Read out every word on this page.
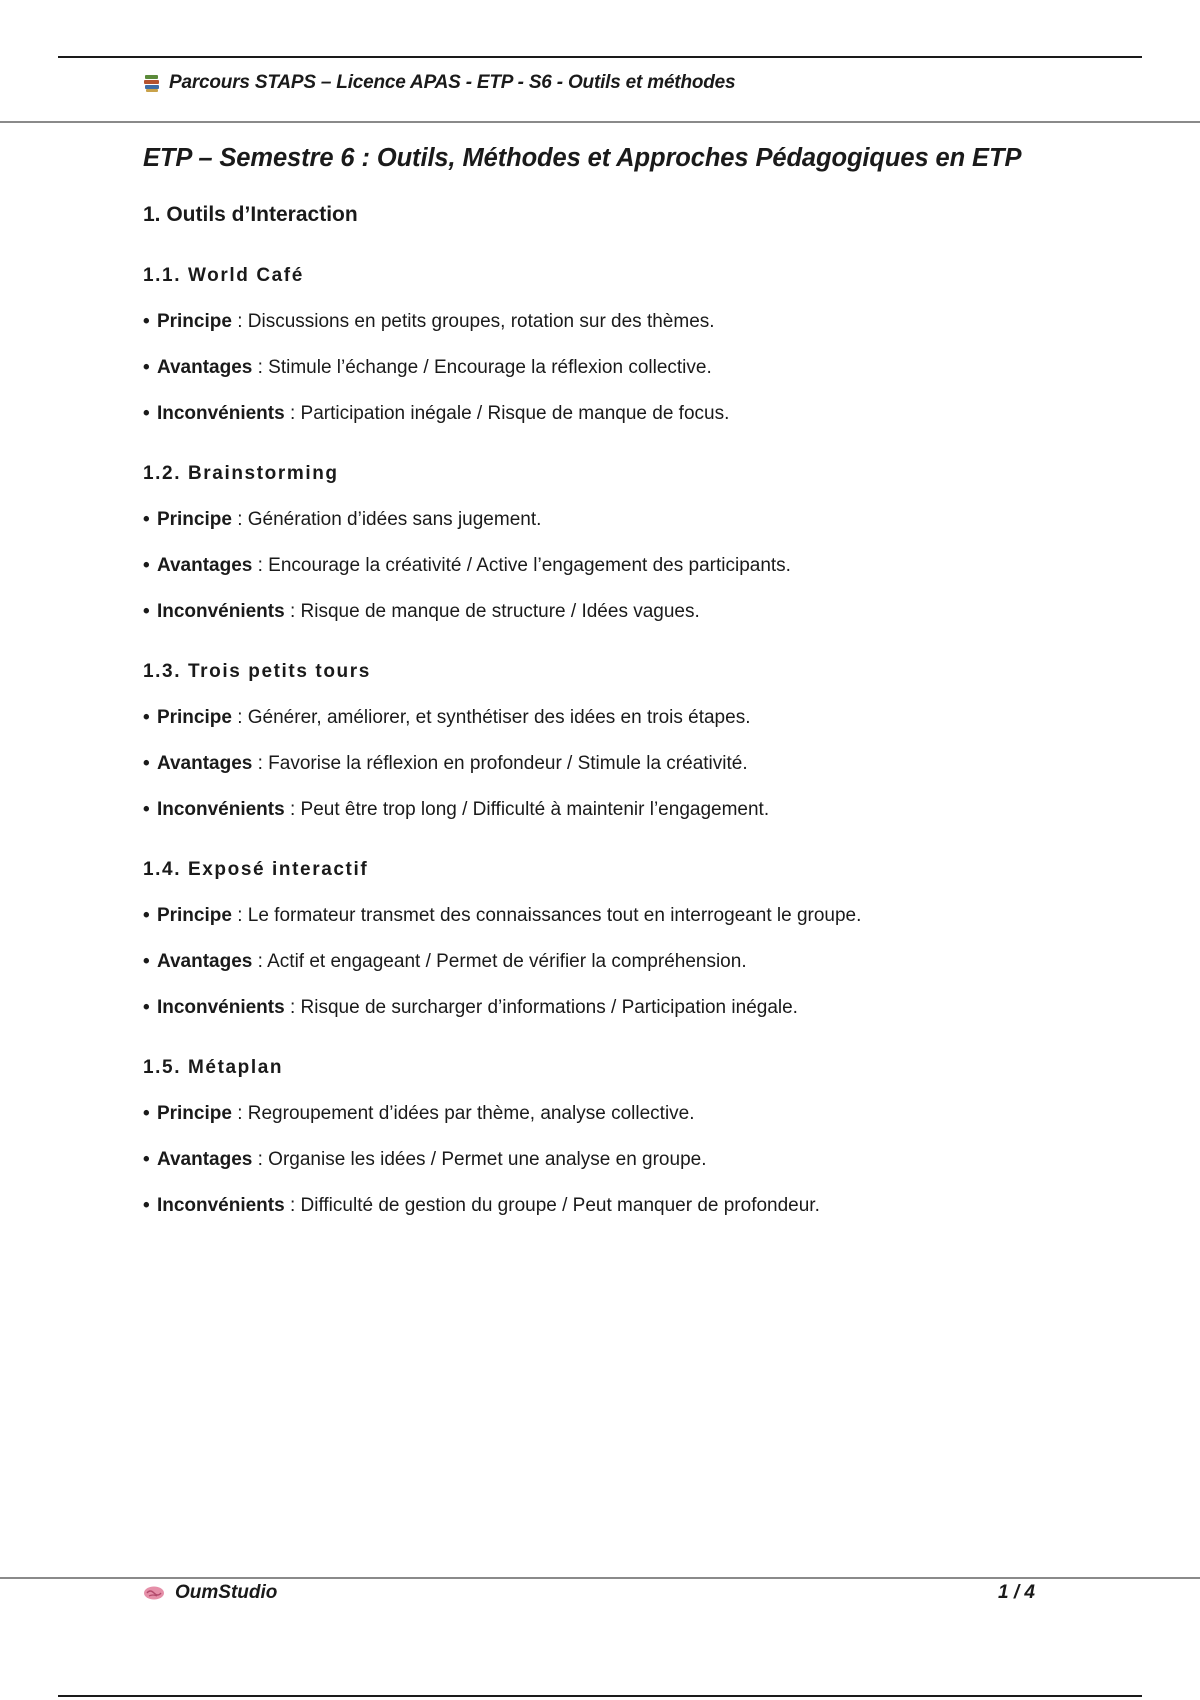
Parcours STAPS – Licence APAS - ETP - S6 - Outils et méthodes
ETP – Semestre 6 : Outils, Méthodes et Approches Pédagogiques en ETP
1. Outils d’Interaction
1.1. World Café
• Principe : Discussions en petits groupes, rotation sur des thèmes.
• Avantages : Stimule l’échange / Encourage la réflexion collective.
• Inconvénients : Participation inégale / Risque de manque de focus.
1.2. Brainstorming
• Principe : Génération d’idées sans jugement.
• Avantages : Encourage la créativité / Active l’engagement des participants.
• Inconvénients : Risque de manque de structure / Idées vagues.
1.3. Trois petits tours
• Principe : Générer, améliorer, et synthétiser des idées en trois étapes.
• Avantages : Favorise la réflexion en profondeur / Stimule la créativité.
• Inconvénients : Peut être trop long / Difficulté à maintenir l’engagement.
1.4. Exposé interactif
• Principe : Le formateur transmet des connaissances tout en interrogeant le groupe.
• Avantages : Actif et engageant / Permet de vérifier la compréhension.
• Inconvénients : Risque de surcharger d’informations / Participation inégale.
1.5. Métaplan
• Principe : Regroupement d’idées par thème, analyse collective.
• Avantages : Organise les idées / Permet une analyse en groupe.
• Inconvénients : Difficulté de gestion du groupe / Peut manquer de profondeur.
OumStudio	1 / 4
